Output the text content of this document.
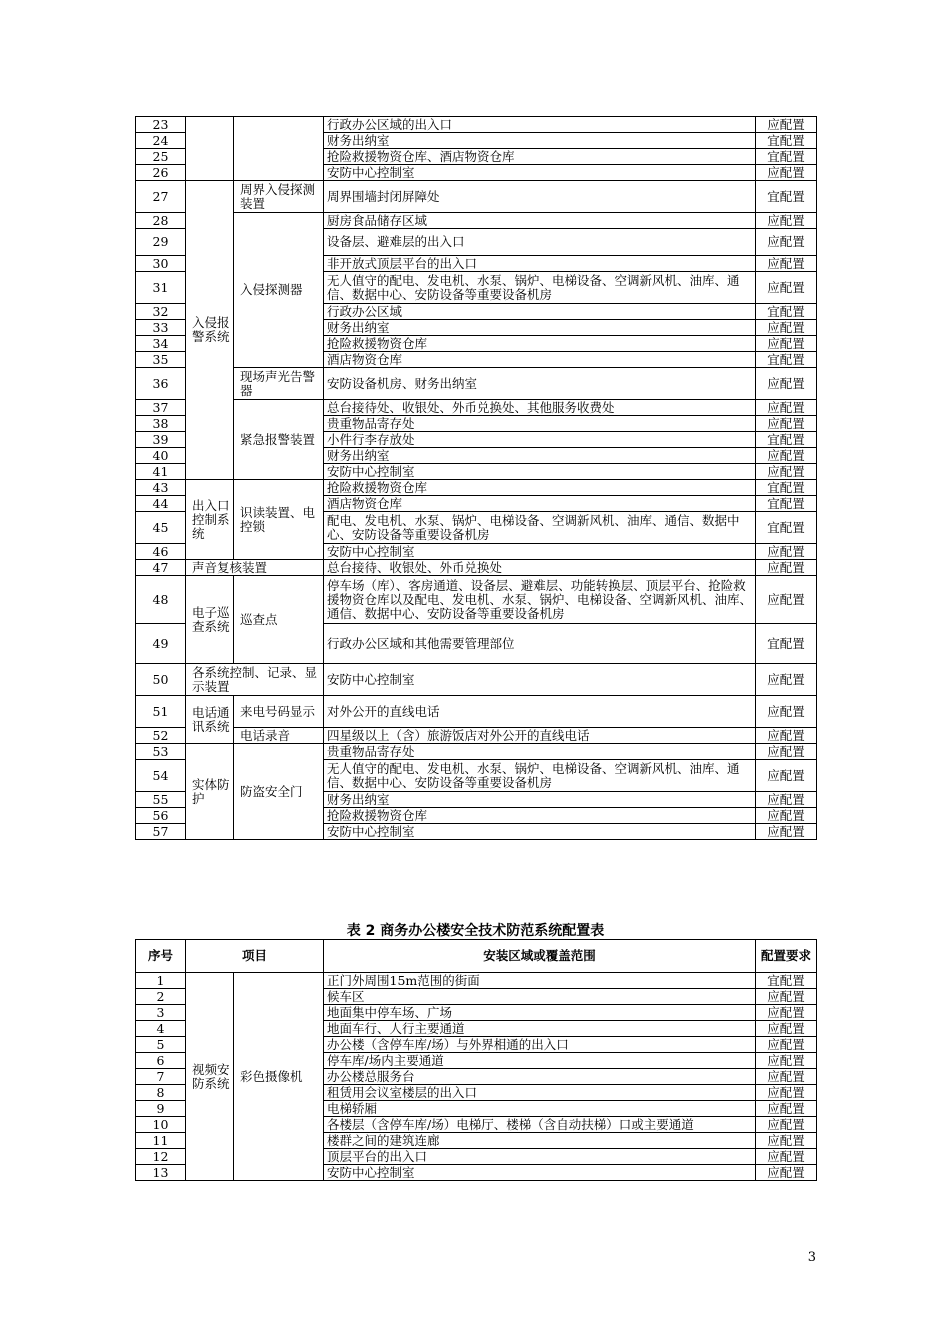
23			行政办公区域的出入口	应配置
24			财务出纳室	宜配置
25			抢险救援物资仓库、酒店物资仓库	宜配置
26			安防中心控制室	应配置
27	入侵报警系统	周界入侵探测装置	周界围墙封闭屏障处	宜配置
28		入侵探测器	厨房食品储存区域	应配置
29			设备层、避难层的出入口	应配置
30			非开放式顶层平台的出入口	应配置
31			无人值守的配电、发电机、水泵、锅炉、电梯设备、空调新风机、油库、通信、数据中心、安防设备等重要设备机房	应配置
32			行政办公区域	宜配置
33			财务出纳室	应配置
34			抢险救援物资仓库	应配置
35			酒店物资仓库	宜配置
36		现场声光告警器	安防设备机房、财务出纳室	应配置
37		紧急报警装置	总台接待处、收银处、外币兑换处、其他服务收费处	应配置
38			贵重物品寄存处	应配置
39			小件行李存放处	宜配置
40			财务出纳室	应配置
41			安防中心控制室	应配置
43	出入口控制系统	识读装置、电控锁	抢险救援物资仓库	宜配置
44			酒店物资仓库	宜配置
45			配电、发电机、水泵、锅炉、电梯设备、空调新风机、油库、通信、数据中心、安防设备等重要设备机房	宜配置
46			安防中心控制室	应配置
47	声音复核装置		总台接待、收银处、外币兑换处	应配置
48	电子巡查系统	巡查点	停车场（库）、客房通道、设备层、避难层、功能转换层、顶层平台、抢险救援物资仓库以及配电、发电机、水泵、锅炉、电梯设备、空调新风机、油库、通信、数据中心、安防设备等重要设备机房	应配置
49			行政办公区域和其他需要管理部位	宜配置
50	各系统控制、记录、显示装置		安防中心控制室	应配置
51	电话通讯系统	来电号码显示	对外公开的直线电话	应配置
52		电话录音	四星级以上（含）旅游饭店对外公开的直线电话	应配置
53	实体防护	防盗安全门	贵重物品寄存处	应配置
54			无人值守的配电、发电机、水泵、锅炉、电梯设备、空调新风机、油库、通信、数据中心、安防设备等重要设备机房	应配置
55			财务出纳室	应配置
56			抢险救援物资仓库	应配置
57			安防中心控制室	应配置
表 2 商务办公楼安全技术防范系统配置表
序号	项目		安装区域或覆盖范围	配置要求
1	视频安防系统	彩色摄像机	正门外周围15m范围的街面	宜配置
2			候车区	应配置
3			地面集中停车场、广场	应配置
4			地面车行、人行主要通道	应配置
5			办公楼（含停车库/场）与外界相通的出入口	应配置
6			停车库/场内主要通道	应配置
7			办公楼总服务台	应配置
8			租赁用会议室楼层的出入口	应配置
9			电梯轿厢	应配置
10			各楼层（含停车库/场）电梯厅、楼梯（含自动扶梯）口或主要通道	应配置
11			楼群之间的建筑连廊	应配置
12			顶层平台的出入口	应配置
13			安防中心控制室	应配置
3
